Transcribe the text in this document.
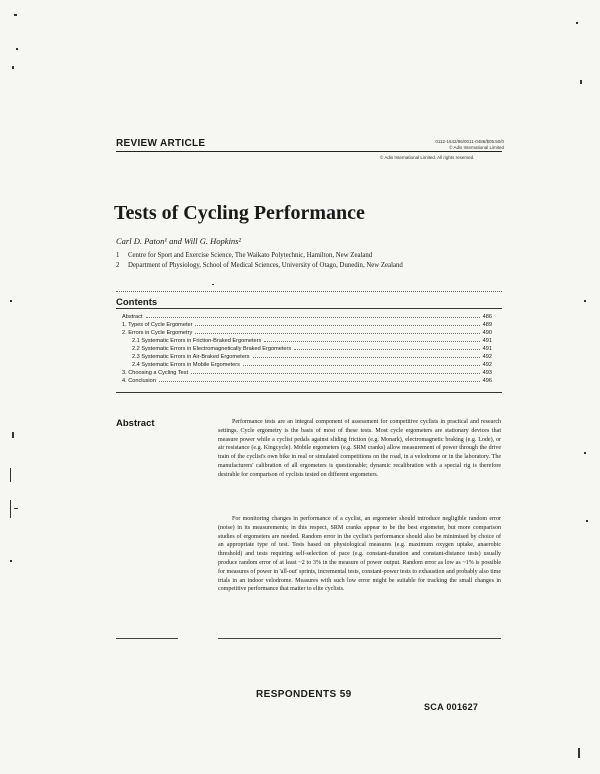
REVIEW ARTICLE	0112-1642/96/0011-0486/$05.50/0
© Adis International Limited
© Adis International Limited. All rights reserved.
Tests of Cycling Performance
Carl D. Paton¹ and Will G. Hopkins²
1 Centre for Sport and Exercise Science, The Waikato Polytechnic, Hamilton, New Zealand
2 Department of Physiology, School of Medical Sciences, University of Otago, Dunedin, New Zealand
Contents
Abstract	486
1. Types of Cycle Ergometer	489
2. Errors in Cycle Ergometry	490
2.1 Systematic Errors in Friction-Braked Ergometers	491
2.2 Systematic Errors in Electromagnetically Braked Ergometers	491
2.3 Systematic Errors in Air-Braked Ergometers	492
2.4 Systematic Errors in Mobile Ergometers	492
3. Choosing a Cycling Test	493
4. Conclusion	496
Abstract	Performance tests are an integral component of assessment for competitive cyclists in practical and research settings. Cycle ergometry is the basis of most of these tests. Most cycle ergometers are stationary devices that measure power while a cyclist pedals against sliding friction (e.g. Monark), electromagnetic braking (e.g. Lode), or air resistance (e.g. Kingcycle). Mobile ergometers (e.g. SRM cranks) allow measurement of power through the drive train of the cyclist's own bike in real or simulated competitions on the road, in a velodrome or in the laboratory. The manufacturers' calibration of all ergometers is questionable; dynamic recalibration with a special rig is therefore desirable for comparison of cyclists tested on different ergometers.

For monitoring changes in performance of a cyclist, an ergometer should introduce negligible random error (noise) in its measurements; in this respect, SRM cranks appear to be the best ergometer, but more comparison studies of ergometers are needed. Random error in the cyclist's performance should also be minimised by choice of an appropriate type of test. Tests based on physiological measures (e.g. maximum oxygen uptake, anaerobic threshold) and tests requiring self-selection of pace (e.g. constant-duration and constant-distance tests) usually produce random error of at least ~2 to 3% in the measure of power output. Random error as low as ~1% is possible for measures of power in 'all-out' sprints, incremental tests, constant-power tests to exhaustion and probably also time trials in an indoor velodrome. Measures with such low error might be suitable for tracking the small changes in competitive performance that matter to elite cyclists.

RESPONDENTS 59
SCA 001627
